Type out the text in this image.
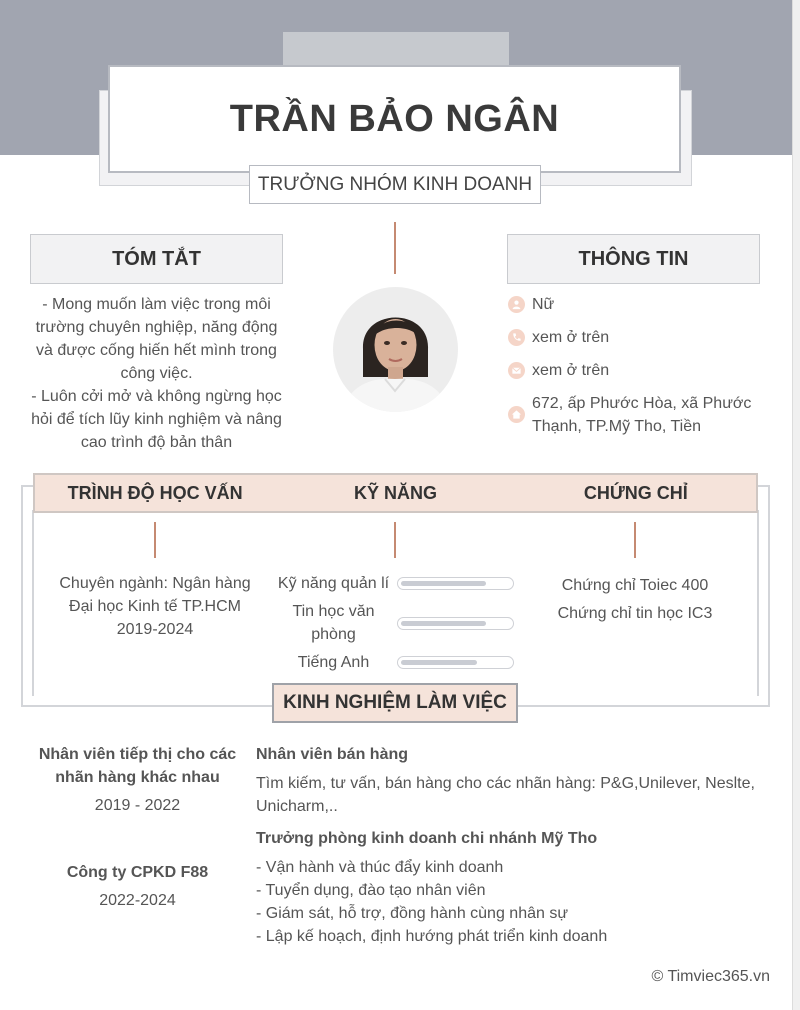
TRẦN BẢO NGÂN
TRƯỞNG NHÓM KINH DOANH
TÓM TẮT
- Mong muốn làm việc trong môi trường chuyên nghiệp, năng động và được cống hiến hết mình trong công việc.
- Luôn cởi mở và không ngừng học hỏi để tích lũy kinh nghiệm và nâng cao trình độ bản thân
THÔNG TIN
Nữ
xem ở trên
xem ở trên
672, ấp Phước Hòa, xã Phước Thạnh, TP.Mỹ Tho, Tiền
TRÌNH ĐỘ HỌC VẤN	KỸ NĂNG	CHỨNG CHỈ
Chuyên ngành: Ngân hàng
Đại học Kinh tế TP.HCM
2019-2024
Kỹ năng quản lí
Tin học văn phòng
Tiếng Anh
Chứng chỉ Toiec 400
Chứng chỉ tin học IC3
KINH NGHIỆM LÀM VIỆC
Nhân viên tiếp thị cho các nhãn hàng khác nhau
2019 - 2022
Nhân viên bán hàng
Tìm kiếm, tư vấn, bán hàng cho các nhãn hàng: P&G,Unilever, Neslte, Unicharm,..
Công ty CPKD F88
2022-2024
Trưởng phòng kinh doanh chi nhánh Mỹ Tho
- Vận hành và thúc đẩy kinh doanh
- Tuyển dụng, đào tạo nhân viên
- Giám sát, hỗ trợ, đồng hành cùng nhân sự
- Lập kế hoạch, định hướng phát triển kinh doanh
© Timviec365.vn
